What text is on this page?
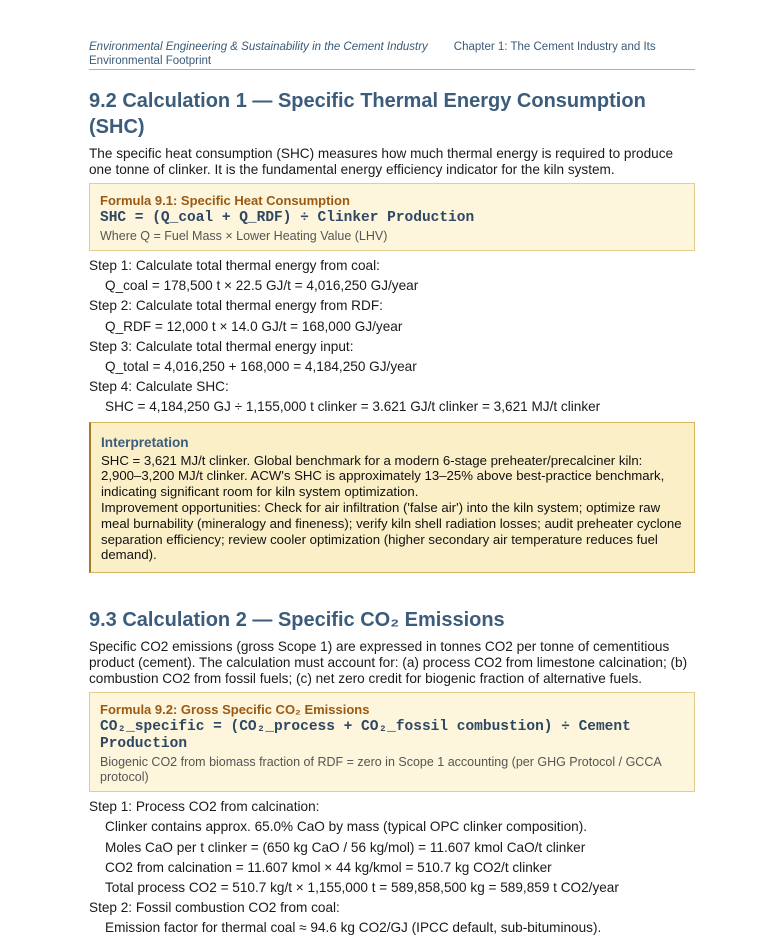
Environmental Engineering & Sustainability in the Cement Industry Chapter 1: The Cement Industry and Its
Environmental Footprint
9.2 Calculation 1 — Specific Thermal Energy Consumption (SHC)

The specific heat consumption (SHC) measures how much thermal energy is required to produce one tonne of clinker. It is the fundamental energy efficiency indicator for the kiln system.

Formula 9.1: Specific Heat Consumption
SHC = (Q_coal + Q_RDF) ÷ Clinker Production
Where Q = Fuel Mass × Lower Heating Value (LHV)
Step 1: Calculate total thermal energy from coal:
Q_coal = 178,500 t × 22.5 GJ/t = 4,016,250 GJ/year
Step 2: Calculate total thermal energy from RDF:
Q_RDF = 12,000 t × 14.0 GJ/t = 168,000 GJ/year
Step 3: Calculate total thermal energy input:
Q_total = 4,016,250 + 168,000 = 4,184,250 GJ/year
Step 4: Calculate SHC:
SHC = 4,184,250 GJ ÷ 1,155,000 t clinker = 3.621 GJ/t clinker = 3,621 MJ/t clinker
Interpretation
SHC = 3,621 MJ/t clinker. Global benchmark for a modern 6-stage preheater/precalciner kiln: 2,900–3,200 MJ/t clinker. ACW's SHC is approximately 13–25% above best-practice benchmark, indicating significant room for kiln system optimization.
Improvement opportunities: Check for air infiltration ('false air') into the kiln system; optimize raw meal burnability (mineralogy and fineness); verify kiln shell radiation losses; audit preheater cyclone separation efficiency; review cooler optimization (higher secondary air temperature reduces fuel demand).
9.3 Calculation 2 — Specific CO₂ Emissions

Specific CO2 emissions (gross Scope 1) are expressed in tonnes CO2 per tonne of cementitious product (cement). The calculation must account for: (a) process CO2 from limestone calcination; (b) combustion CO2 from fossil fuels; (c) net zero credit for biogenic fraction of alternative fuels.

Formula 9.2: Gross Specific CO₂ Emissions
CO₂_specific = (CO₂_process + CO₂_fossil combustion) ÷ Cement Production
Biogenic CO2 from biomass fraction of RDF = zero in Scope 1 accounting (per GHG Protocol / GCCA protocol)
Step 1: Process CO2 from calcination:
Clinker contains approx. 65.0% CaO by mass (typical OPC clinker composition).
Moles CaO per t clinker = (650 kg CaO / 56 kg/mol) = 11.607 kmol CaO/t clinker
CO2 from calcination = 11.607 kmol × 44 kg/kmol = 510.7 kg CO2/t clinker
Total process CO2 = 510.7 kg/t × 1,155,000 t = 589,858,500 kg = 589,859 t CO2/year
Step 2: Fossil combustion CO2 from coal:
Emission factor for thermal coal ≈ 94.6 kg CO2/GJ (IPCC default, sub-bituminous).
